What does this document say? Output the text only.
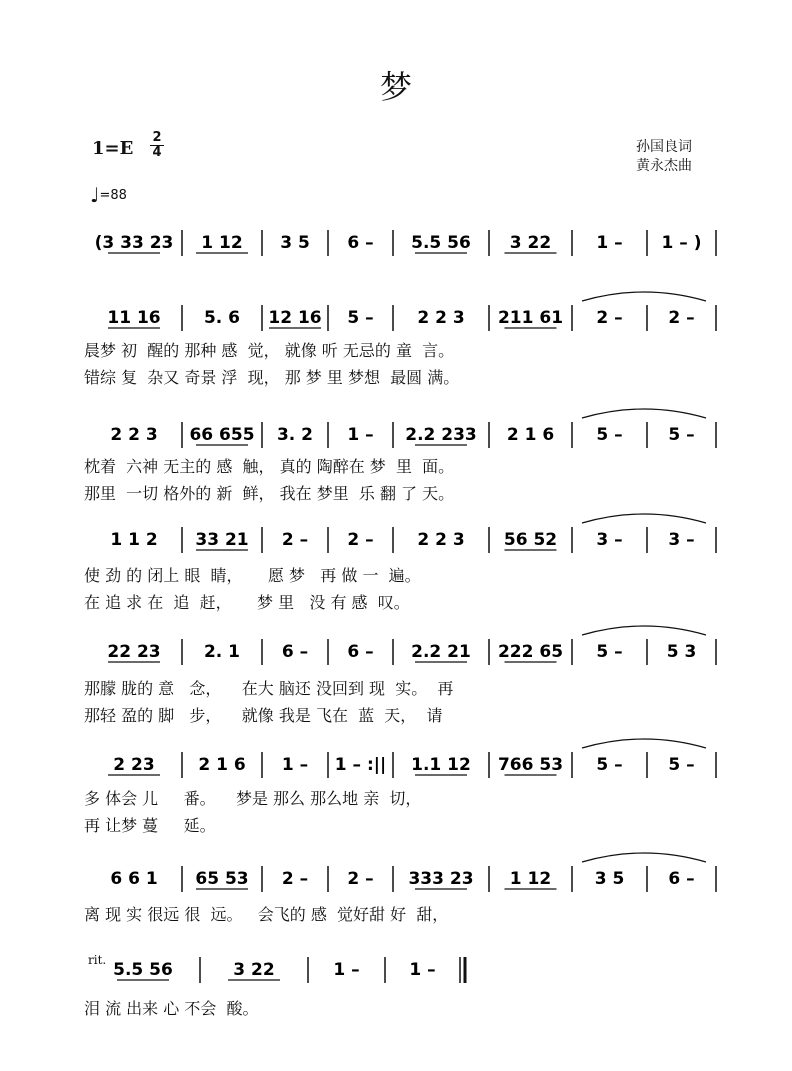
梦
1=E
2
4	孙国良词
黄永杰曲
♩=88
rit.
(3 33 23 1 12 3 5 6 – 5.5 56 3 22	1 – 1 – )
11 16	5. 6 12 16 5 –	2 2 3 211 61 2 –	2 –
2 2 3 66 655 3. 2 1 – 2.2 233 2 1 6 5 –	5 –
1 1 2 33 21 2 – 2 –	2 2 3 56 52 3 –	3 –
22 23	2. 1 6 – 6 – 2.2 21 222 65 5 –	5 3
2 23	2 1 6 1 – 1 – :|| 1.1 12 766 53 5 –	5 –
6 6 1 65 53 2 – 2 – 333 23 1 12	3 5	6 –
5.5 56	3 22	1 –	1 –
晨梦 初  醒的 那种 感  觉， 就像 听 无忌的 童  言。
错综 复  杂又 奇景 浮  现， 那 梦 里 梦想  最圆 满。
枕着  六神 无主的 感  触， 真的 陶醉在 梦  里  面。
那里  一切 格外的 新  鲜， 我在 梦里  乐 翻 了 天。
使 劲 的 闭上 眼  睛，     愿 梦   再 做 一  遍。
在 追 求 在  追  赶，     梦 里   没 有 感  叹。
那朦 胧的 意   念，    在大 脑还 没回到 现  实。  再
那轻 盈的 脚   步，    就像 我是 飞在  蓝  天，  请
多 体会 儿     番。    梦是 那么 那么地 亲  切，
再 让梦 蔓     延。
离 现 实 很远 很  远。   会飞的 感  觉好甜 好  甜，
泪 流 出来 心 不会  酸。
